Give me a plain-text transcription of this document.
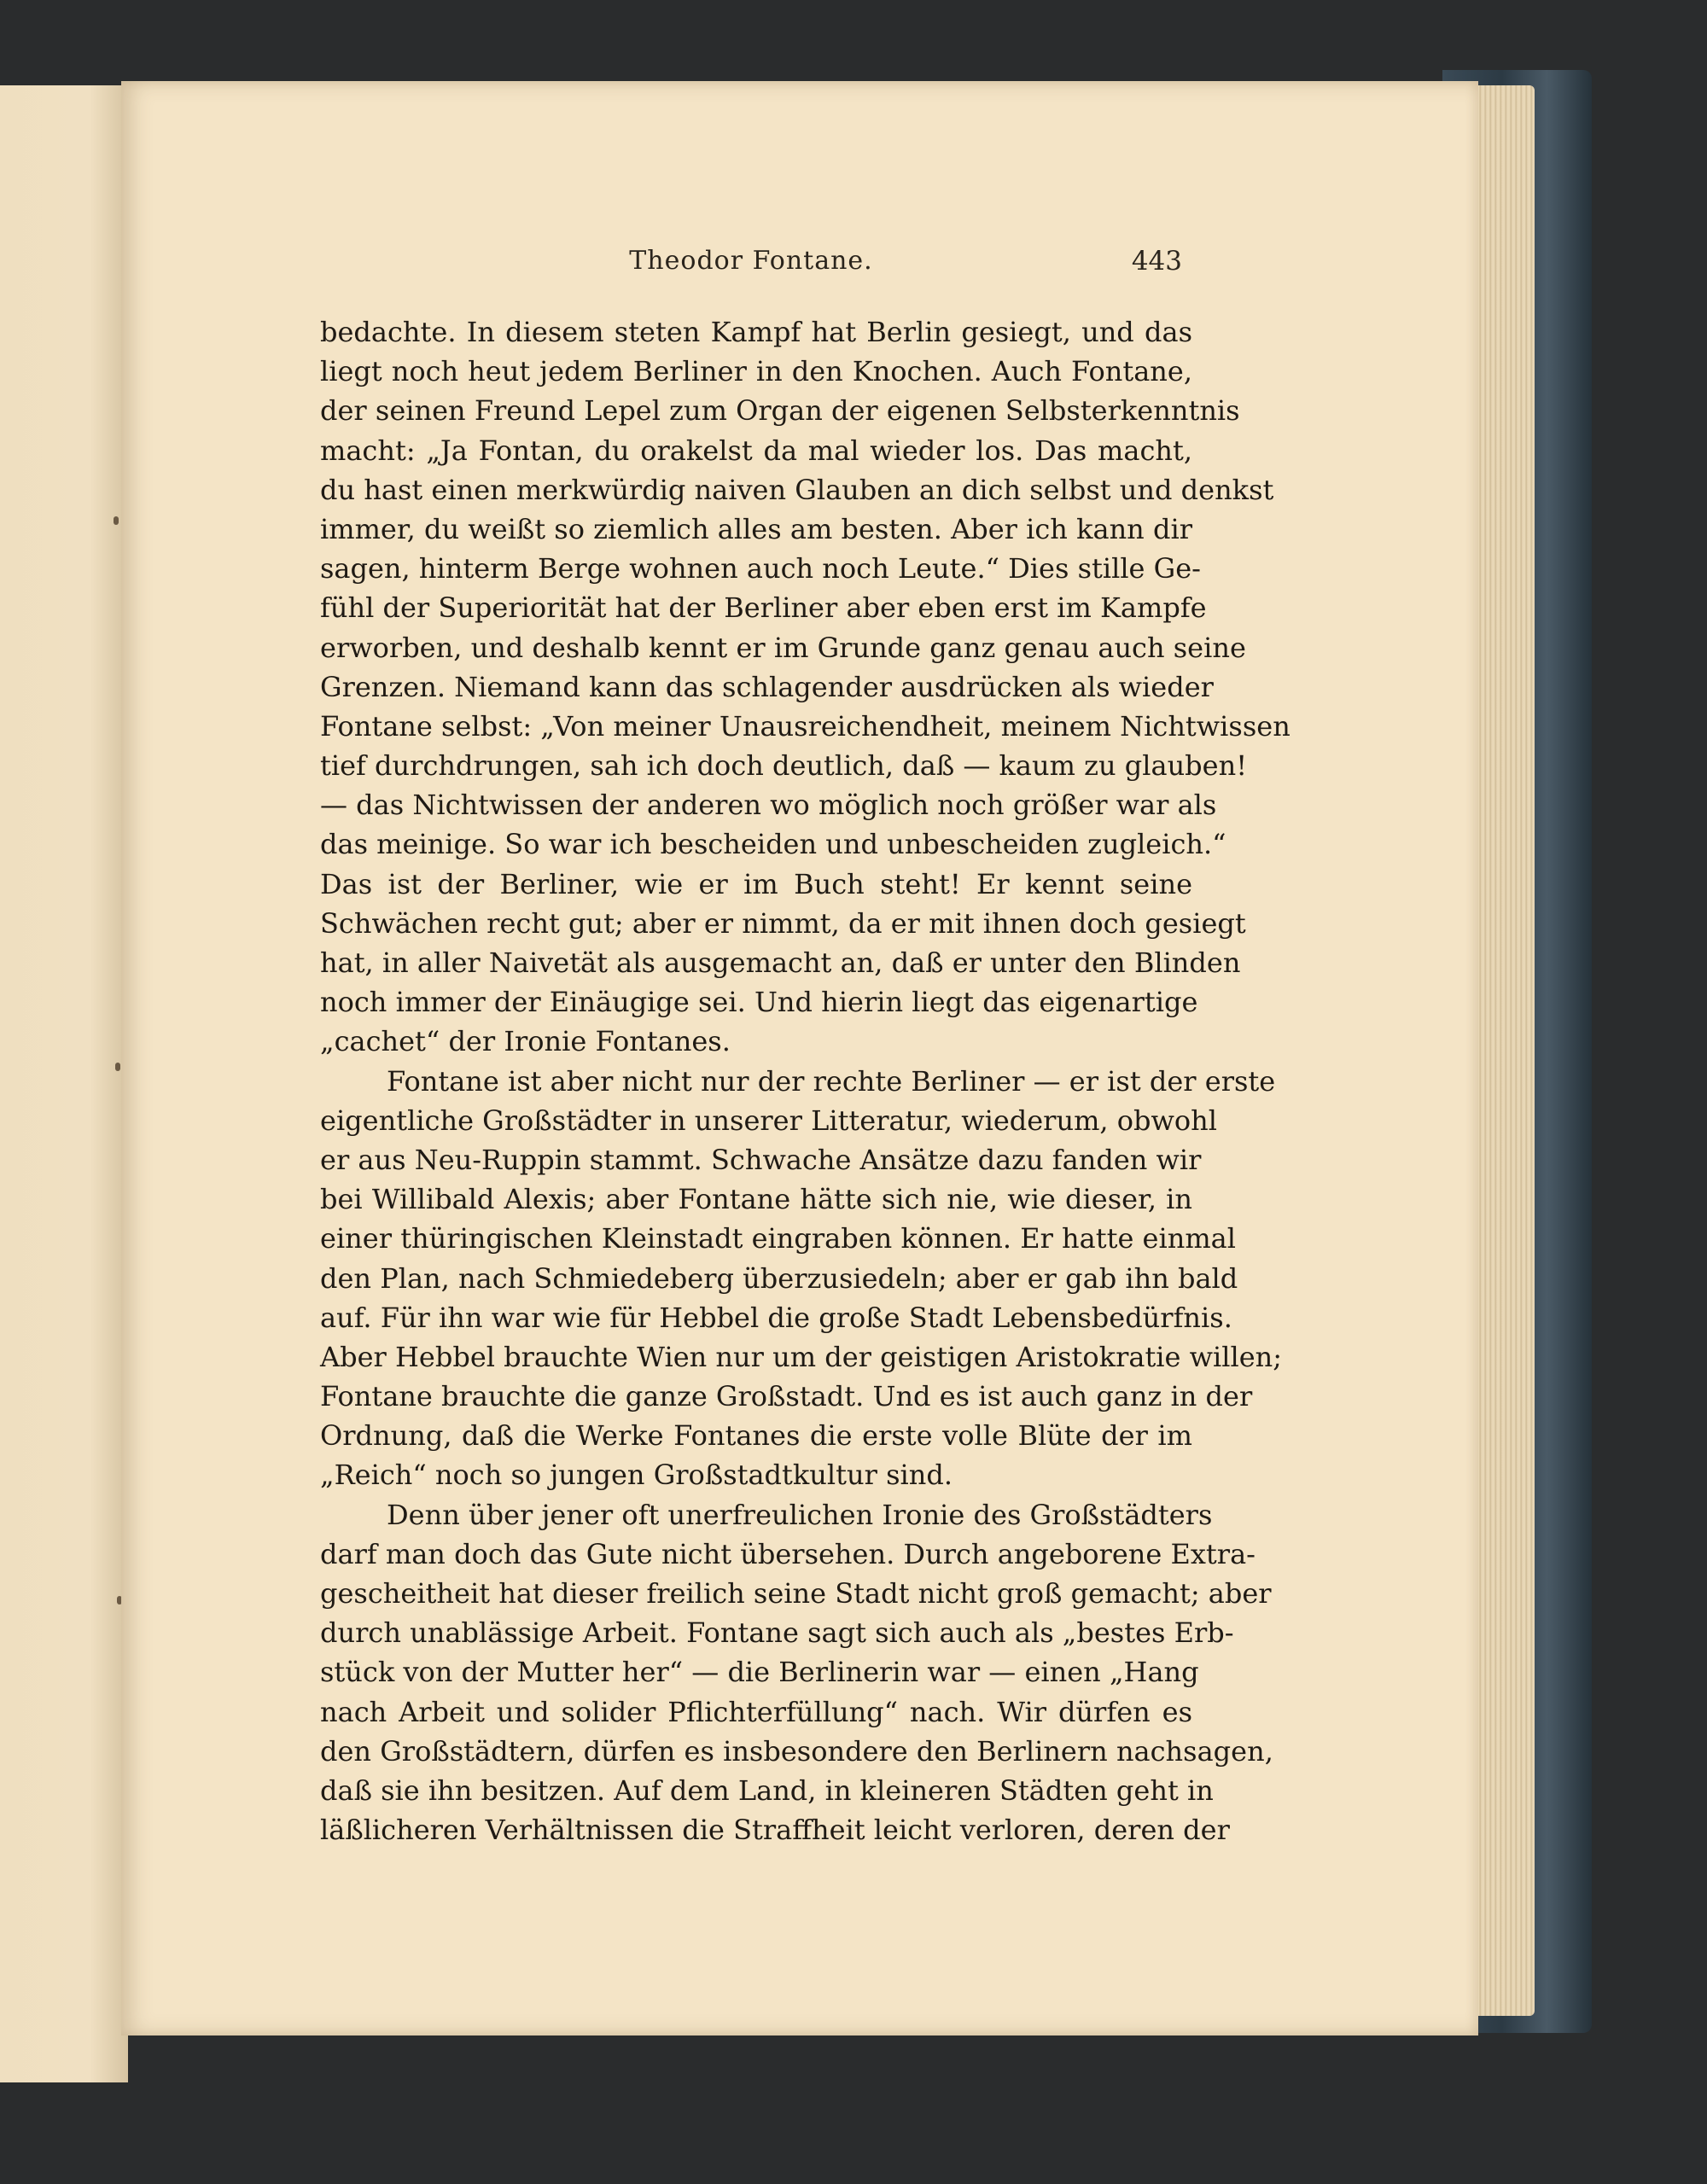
Theodor Fontane.	443
bedachte. In diesem steten Kampf hat Berlin gesiegt, und das
liegt noch heut jedem Berliner in den Knochen. Auch Fontane,
der seinen Freund Lepel zum Organ der eigenen Selbsterkenntnis
macht: „Ja Fontan, du orakelst da mal wieder los. Das macht,
du hast einen merkwürdig naiven Glauben an dich selbst und denkst
immer, du weißt so ziemlich alles am besten. Aber ich kann dir
sagen, hinterm Berge wohnen auch noch Leute.“ Dies stille Ge-
fühl der Superiorität hat der Berliner aber eben erst im Kampfe
erworben, und deshalb kennt er im Grunde ganz genau auch seine
Grenzen. Niemand kann das schlagender ausdrücken als wieder
Fontane selbst: „Von meiner Unausreichendheit, meinem Nichtwissen
tief durchdrungen, sah ich doch deutlich, daß — kaum zu glauben!
— das Nichtwissen der anderen wo möglich noch größer war als
das meinige. So war ich bescheiden und unbescheiden zugleich.“
Das ist der Berliner, wie er im Buch steht! Er kennt seine
Schwächen recht gut; aber er nimmt, da er mit ihnen doch gesiegt
hat, in aller Naivetät als ausgemacht an, daß er unter den Blinden
noch immer der Einäugige sei. Und hierin liegt das eigenartige
„cachet“ der Ironie Fontanes.
Fontane ist aber nicht nur der rechte Berliner — er ist der erste
eigentliche Großstädter in unserer Litteratur, wiederum, obwohl
er aus Neu-Ruppin stammt. Schwache Ansätze dazu fanden wir
bei Willibald Alexis; aber Fontane hätte sich nie, wie dieser, in
einer thüringischen Kleinstadt eingraben können. Er hatte einmal
den Plan, nach Schmiedeberg überzusiedeln; aber er gab ihn bald
auf. Für ihn war wie für Hebbel die große Stadt Lebensbedürfnis.
Aber Hebbel brauchte Wien nur um der geistigen Aristokratie willen;
Fontane brauchte die ganze Großstadt. Und es ist auch ganz in der
Ordnung, daß die Werke Fontanes die erste volle Blüte der im
„Reich“ noch so jungen Großstadtkultur sind.
Denn über jener oft unerfreulichen Ironie des Großstädters
darf man doch das Gute nicht übersehen. Durch angeborene Extra-
gescheitheit hat dieser freilich seine Stadt nicht groß gemacht; aber
durch unablässige Arbeit. Fontane sagt sich auch als „bestes Erb-
stück von der Mutter her“ — die Berlinerin war — einen „Hang
nach Arbeit und solider Pflichterfüllung“ nach. Wir dürfen es
den Großstädtern, dürfen es insbesondere den Berlinern nachsagen,
daß sie ihn besitzen. Auf dem Land, in kleineren Städten geht in
läßlicheren Verhältnissen die Straffheit leicht verloren, deren der
